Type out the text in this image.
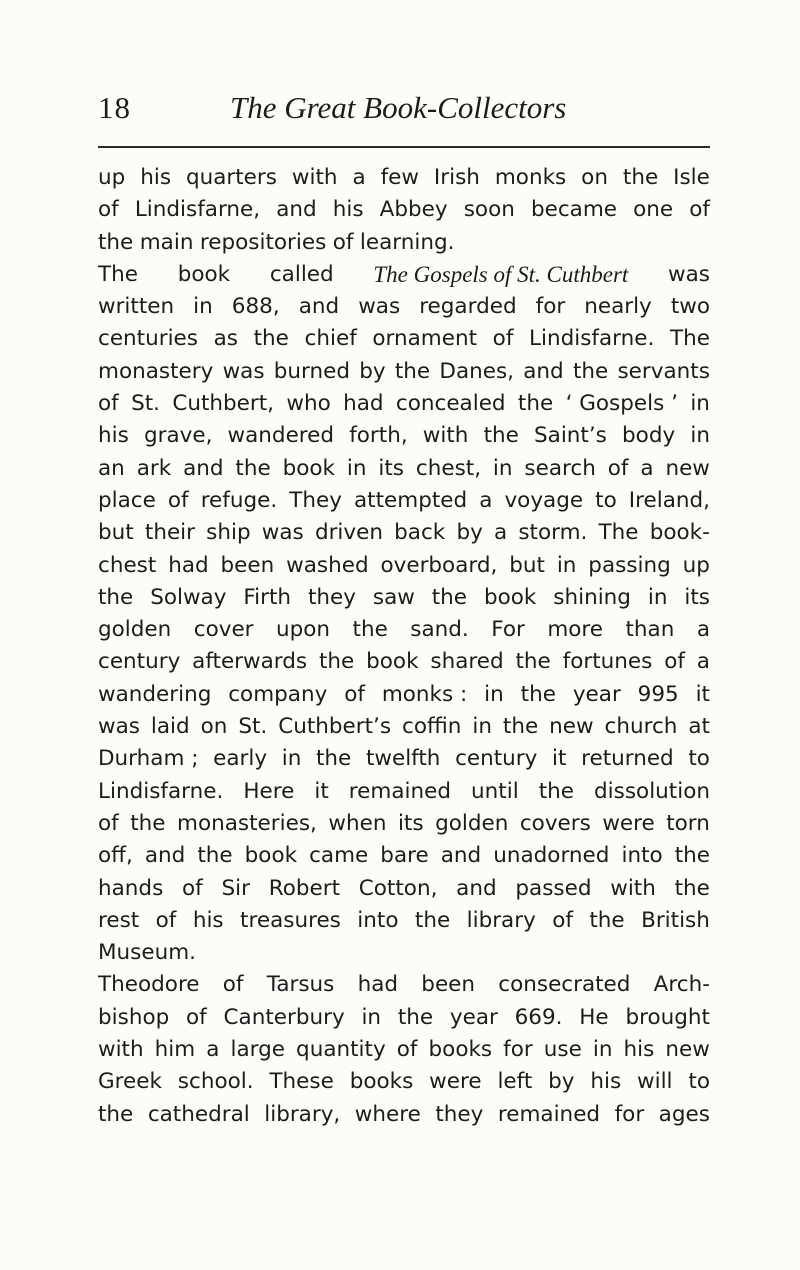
18	The Great Book-Collectors
up his quarters with a few Irish monks on the Isle
of Lindisfarne, and his Abbey soon became one of
the main repositories of learning.
The book called The Gospels of St. Cuthbert was
written in 688, and was regarded for nearly two
centuries as the chief ornament of Lindisfarne. The
monastery was burned by the Danes, and the servants
of St. Cuthbert, who had concealed the ‘ Gospels ’ in
his grave, wandered forth, with the Saint’s body in
an ark and the book in its chest, in search of a new
place of refuge. They attempted a voyage to Ireland,
but their ship was driven back by a storm. The book-
chest had been washed overboard, but in passing up
the Solway Firth they saw the book shining in its
golden cover upon the sand. For more than a
century afterwards the book shared the fortunes of a
wandering company of monks : in the year 995 it
was laid on St. Cuthbert’s coffin in the new church at
Durham ; early in the twelfth century it returned to
Lindisfarne. Here it remained until the dissolution
of the monasteries, when its golden covers were torn
off, and the book came bare and unadorned into the
hands of Sir Robert Cotton, and passed with the
rest of his treasures into the library of the British
Museum.
Theodore of Tarsus had been consecrated Arch-
bishop of Canterbury in the year 669. He brought
with him a large quantity of books for use in his new
Greek school. These books were left by his will to
the cathedral library, where they remained for ages
